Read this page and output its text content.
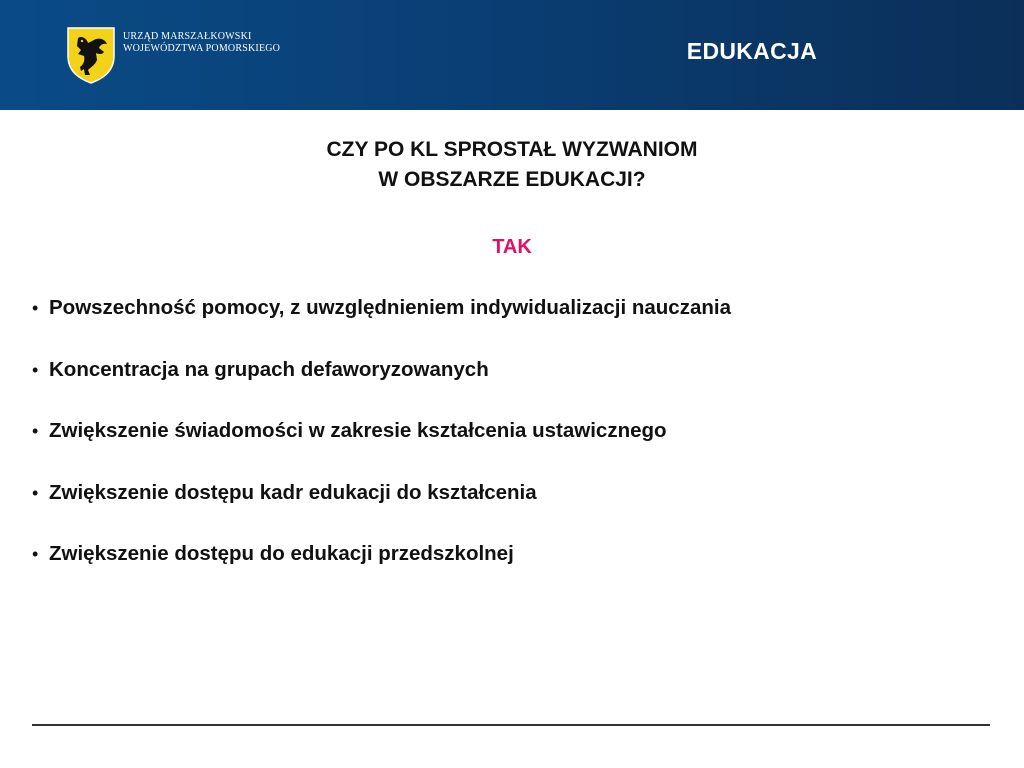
URZĄD MARSZAŁKOWSKI
WOJEWÓDZTWA POMORSKIEGO	EDUKACJA
CZY PO KL SPROSTAŁ WYZWANIOM
W OBSZARZE EDUKACJI?
TAK
• Powszechność pomocy, z uwzględnieniem indywidualizacji nauczania
• Koncentracja na grupach defaworyzowanych
• Zwiększenie świadomości w zakresie kształcenia ustawicznego
• Zwiększenie dostępu kadr edukacji do kształcenia
• Zwiększenie dostępu do edukacji przedszkolnej
